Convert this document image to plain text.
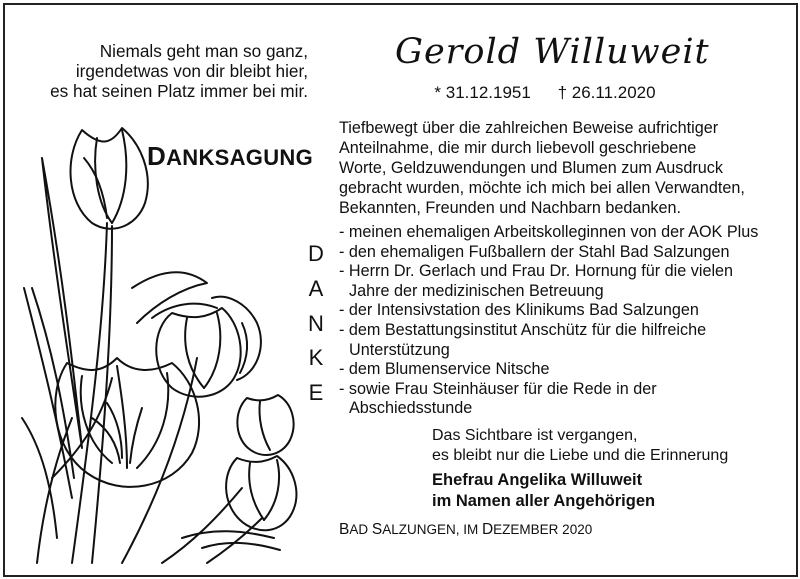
Niemals geht man so ganz,
irgendetwas von dir bleibt hier,
es hat seinen Platz immer bei mir.
Gerold Willuweit
* 31.12.1951 † 26.11.2020
DANKSAGUNG
Tiefbewegt über die zahlreichen Beweise aufrichtiger
Anteilnahme, die mir durch liebevoll geschriebene
Worte, Geldzuwendungen und Blumen zum Ausdruck
gebracht wurden, möchte ich mich bei allen Verwandten,
Bekannten, Freunden und Nachbarn bedanken.
D
A
N
K
E
- meinen ehemaligen Arbeitskolleginnen von der AOK Plus
- den ehemaligen Fußballern der Stahl Bad Salzungen
- Herrn Dr. Gerlach und Frau Dr. Hornung für die vielen
Jahre der medizinischen Betreuung
- der Intensivstation des Klinikums Bad Salzungen
- dem Bestattungsinstitut Anschütz für die hilfreiche
Unterstützung
- dem Blumenservice Nitsche
- sowie Frau Steinhäuser für die Rede in der
Abschiedsstunde
Das Sichtbare ist vergangen,
es bleibt nur die Liebe und die Erinnerung
Ehefrau Angelika Willuweit
im Namen aller Angehörigen
BAD SALZUNGEN, IM DEZEMBER 2020
